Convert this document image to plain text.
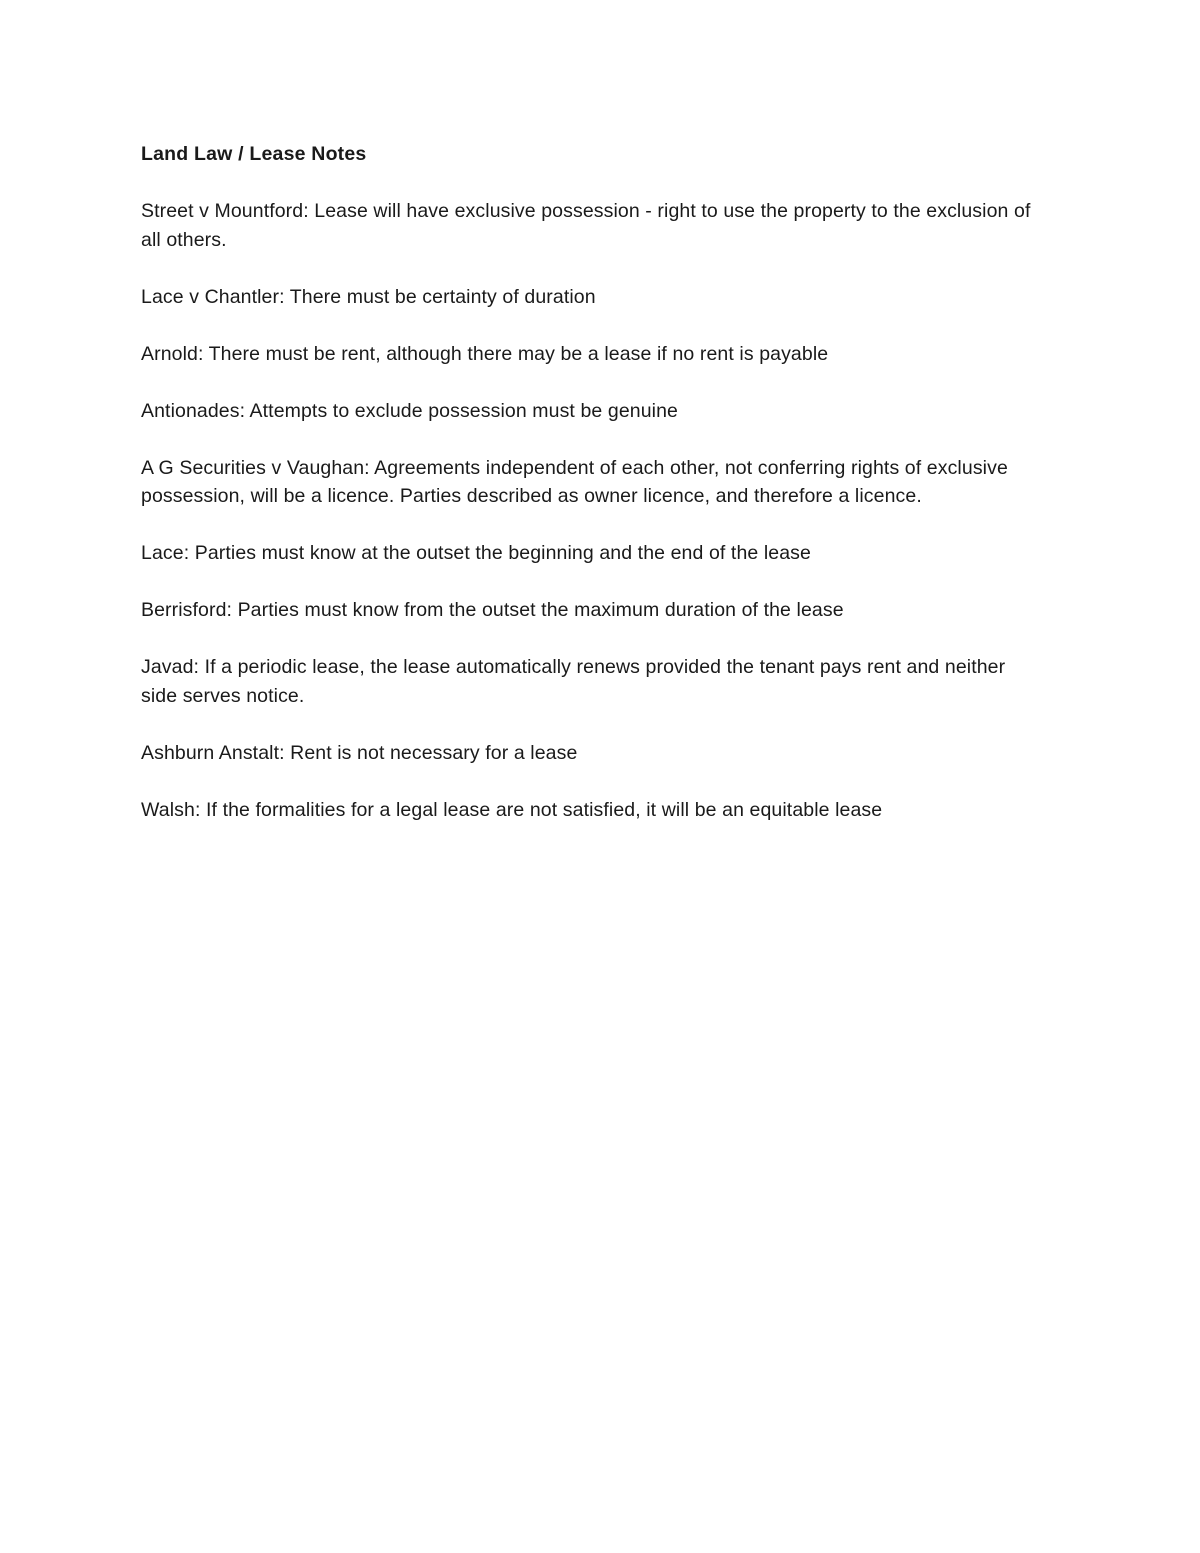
Land Law / Lease Notes

Street v Mountford: Lease will have exclusive possession - right to use the property to the exclusion of all others.

Lace v Chantler: There must be certainty of duration

Arnold: There must be rent, although there may be a lease if no rent is payable

Antionades: Attempts to exclude possession must be genuine

A G Securities v Vaughan: Agreements independent of each other, not conferring rights of exclusive possession, will be a licence. Parties described as owner licence, and therefore a licence.

Lace: Parties must know at the outset the beginning and the end of the lease

Berrisford: Parties must know from the outset the maximum duration of the lease

Javad: If a periodic lease, the lease automatically renews provided the tenant pays rent and neither side serves notice.

Ashburn Anstalt: Rent is not necessary for a lease

Walsh: If the formalities for a legal lease are not satisfied, it will be an equitable lease
